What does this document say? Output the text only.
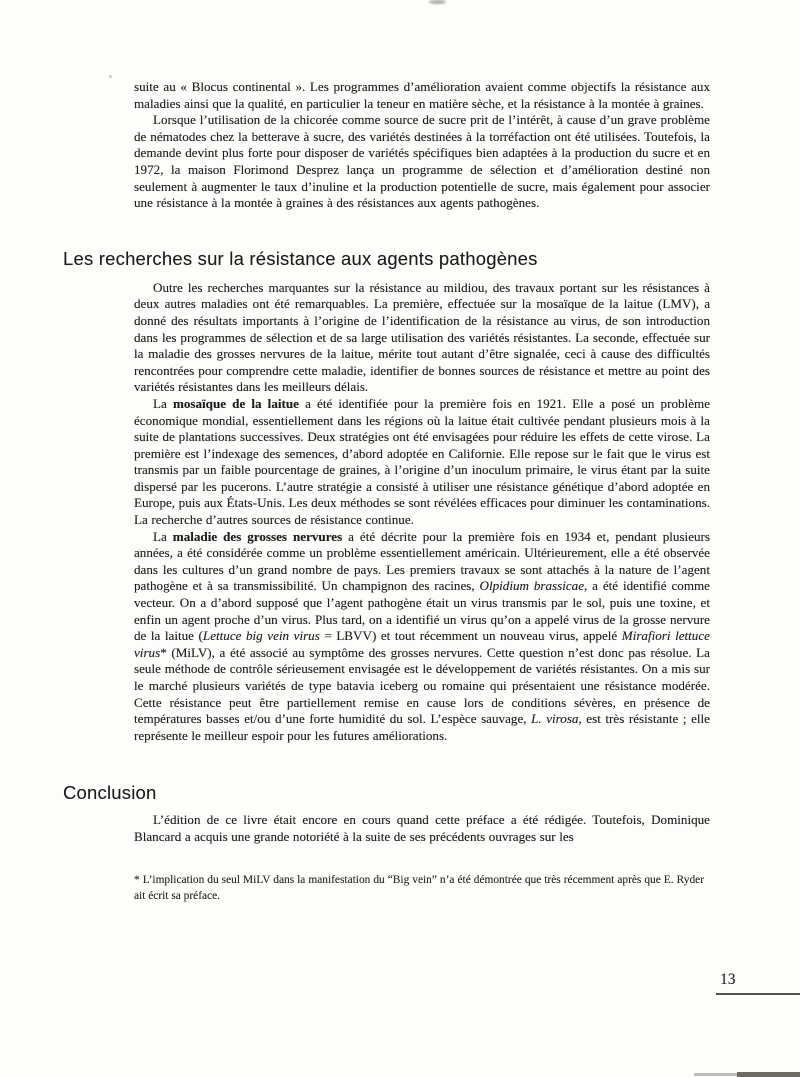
suite au « Blocus continental ». Les programmes d’amélioration avaient comme objectifs la résistance aux maladies ainsi que la qualité, en particulier la teneur en matière sèche, et la résistance à la montée à graines.

Lorsque l’utilisation de la chicorée comme source de sucre prit de l’intérêt, à cause d’un grave problème de nématodes chez la betterave à sucre, des variétés destinées à la torréfaction ont été utilisées. Toutefois, la demande devint plus forte pour disposer de variétés spécifiques bien adaptées à la production du sucre et en 1972, la maison Florimond Desprez lança un programme de sélection et d’amélioration destiné non seulement à augmenter le taux d’inuline et la production potentielle de sucre, mais également pour associer une résistance à la montée à graines à des résistances aux agents pathogènes.

Les recherches sur la résistance aux agents pathogènes

Outre les recherches marquantes sur la résistance au mildiou, des travaux portant sur les résistances à deux autres maladies ont été remarquables. La première, effectuée sur la mosaïque de la laitue (LMV), a donné des résultats importants à l’origine de l’identification de la résistance au virus, de son introduction dans les programmes de sélection et de sa large utilisation des variétés résistantes. La seconde, effectuée sur la maladie des grosses nervures de la laitue, mérite tout autant d’être signalée, ceci à cause des difficultés rencontrées pour comprendre cette maladie, identifier de bonnes sources de résistance et mettre au point des variétés résistantes dans les meilleurs délais.

La mosaïque de la laitue a été identifiée pour la première fois en 1921. Elle a posé un problème économique mondial, essentiellement dans les régions où la laitue était cultivée pendant plusieurs mois à la suite de plantations successives. Deux stratégies ont été envisagées pour réduire les effets de cette virose. La première est l’indexage des semences, d’abord adoptée en Californie. Elle repose sur le fait que le virus est transmis par un faible pourcentage de graines, à l’origine d’un inoculum primaire, le virus étant par la suite dispersé par les pucerons. L’autre stratégie a consisté à utiliser une résistance génétique d’abord adoptée en Europe, puis aux États-Unis. Les deux méthodes se sont révélées efficaces pour diminuer les contaminations. La recherche d’autres sources de résistance continue.

La maladie des grosses nervures a été décrite pour la première fois en 1934 et, pendant plusieurs années, a été considérée comme un problème essentiellement américain. Ultérieurement, elle a été observée dans les cultures d’un grand nombre de pays. Les premiers travaux se sont attachés à la nature de l’agent pathogène et à sa transmissibilité. Un champignon des racines, Olpidium brassicae, a été identifié comme vecteur. On a d’abord supposé que l’agent pathogène était un virus transmis par le sol, puis une toxine, et enfin un agent proche d’un virus. Plus tard, on a identifié un virus qu’on a appelé virus de la grosse nervure de la laitue (Lettuce big vein virus = LBVV) et tout récemment un nouveau virus, appelé Mirafiori lettuce virus* (MiLV), a été associé au symptôme des grosses nervures. Cette question n’est donc pas résolue. La seule méthode de contrôle sérieusement envisagée est le développement de variétés résistantes. On a mis sur le marché plusieurs variétés de type batavia iceberg ou romaine qui présentaient une résistance modérée. Cette résistance peut être partiellement remise en cause lors de conditions sévères, en présence de températures basses et/ou d’une forte humidité du sol. L’espèce sauvage, L. virosa, est très résistante ; elle représente le meilleur espoir pour les futures améliorations.

Conclusion

L’édition de ce livre était encore en cours quand cette préface a été rédigée. Toutefois, Dominique Blancard a acquis une grande notoriété à la suite de ses précédents ouvrages sur les

* L’implication du seul MiLV dans la manifestation du “Big vein” n’a été démontrée que très récemment après que E. Ryder ait écrit sa préface.
13
